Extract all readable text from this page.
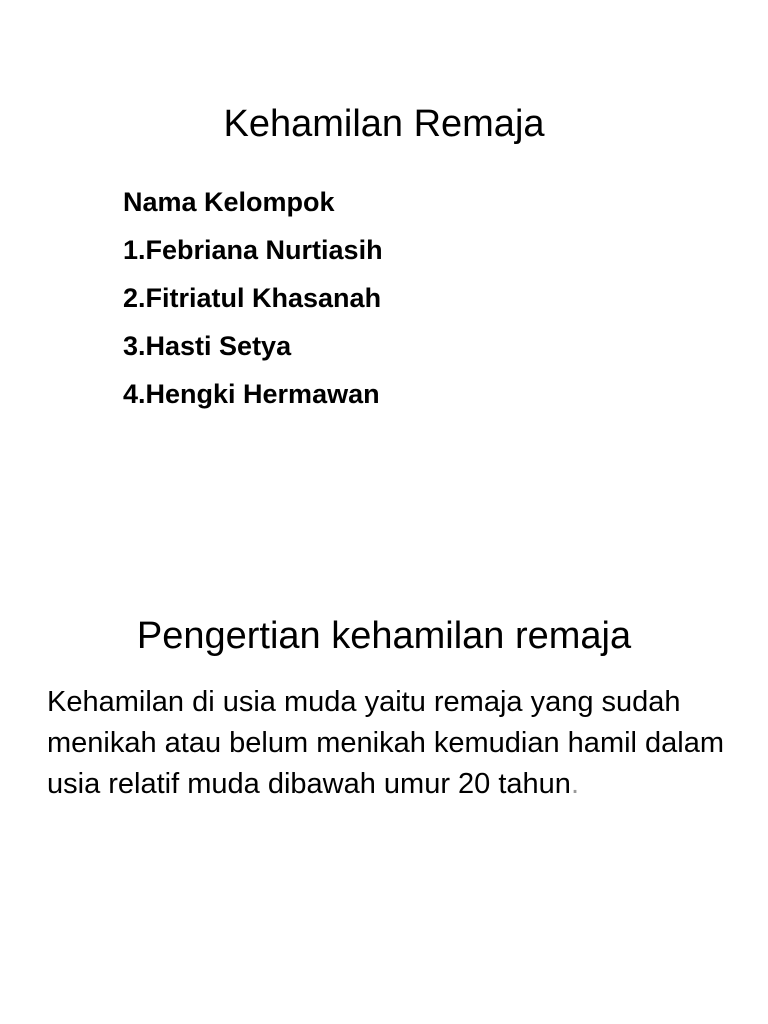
Kehamilan Remaja
Nama Kelompok
1.Febriana Nurtiasih
2.Fitriatul Khasanah
3.Hasti Setya
4.Hengki Hermawan
Pengertian kehamilan remaja

Kehamilan di usia muda yaitu remaja yang sudah menikah atau belum menikah kemudian hamil dalam usia relatif muda dibawah umur 20 tahun.
